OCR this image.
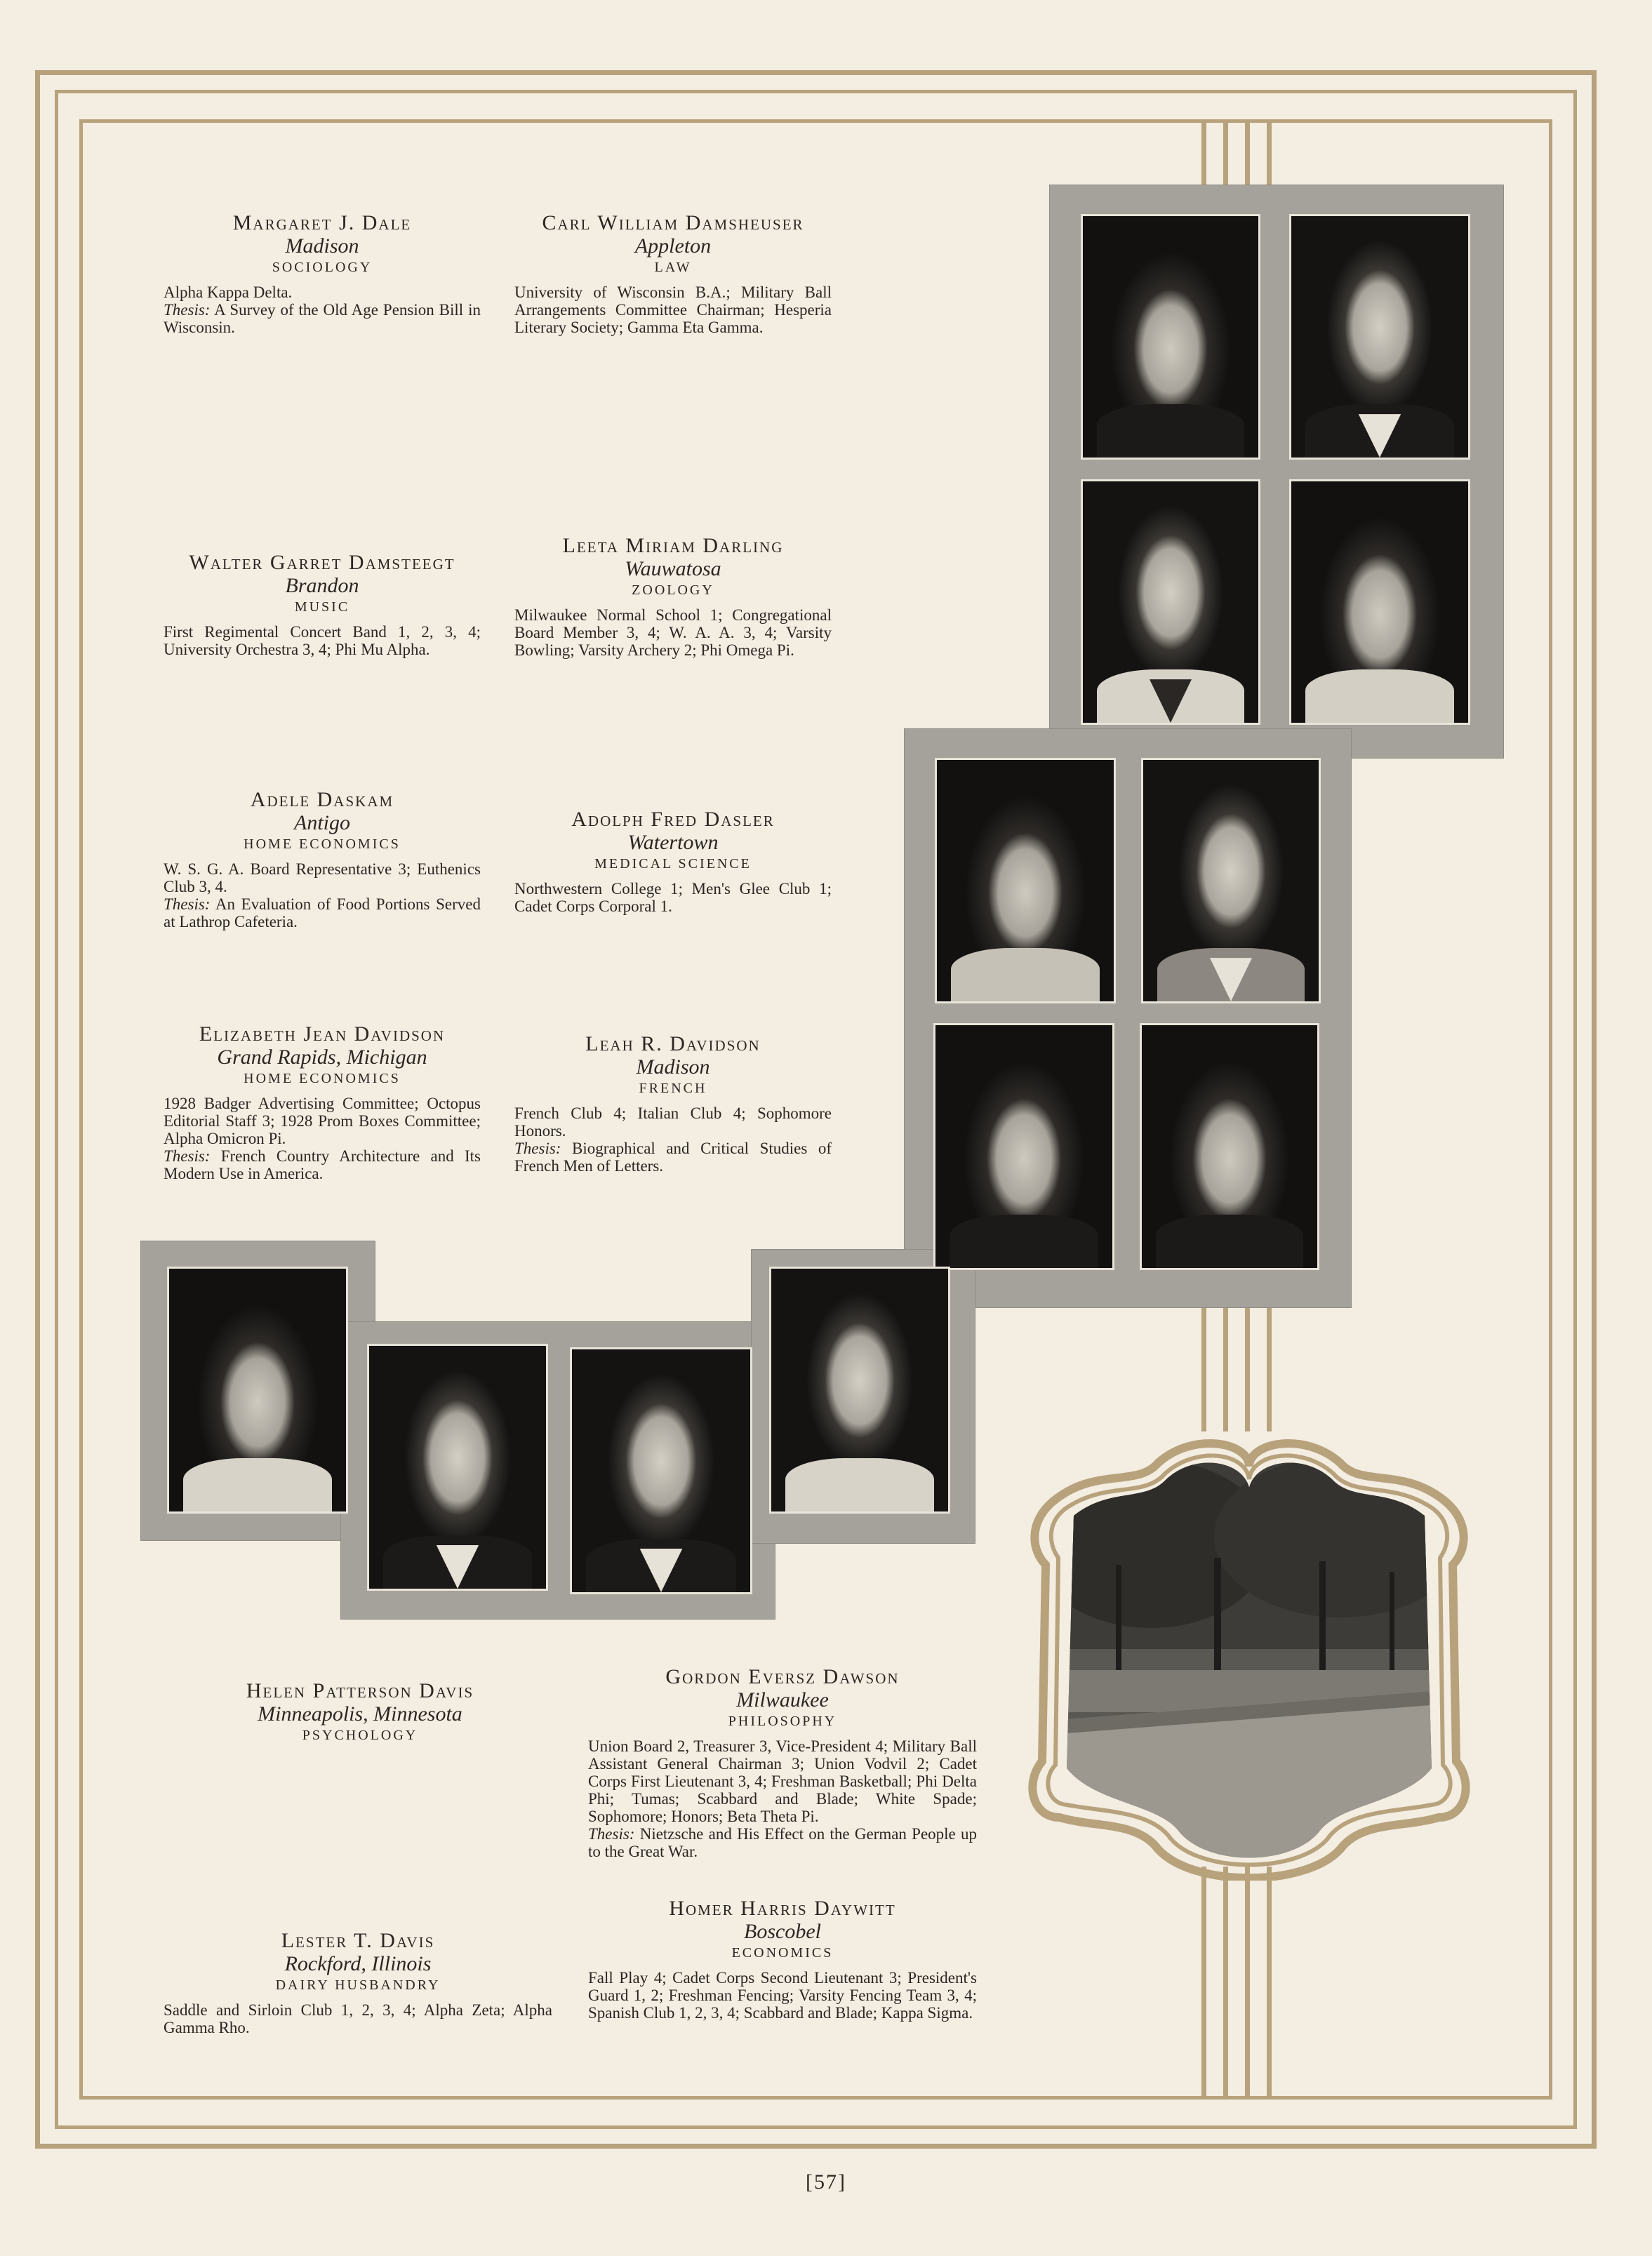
Margaret J. Dale
Madison
SOCIOLOGY
Alpha Kappa Delta.
Thesis: A Survey of the Old Age Pension Bill in Wisconsin.
Carl William Damsheuser
Appleton
LAW
University of Wisconsin B.A.; Military Ball Arrangements Committee Chairman; Hesperia Literary Society; Gamma Eta Gamma.
Walter Garret Damsteegt
Brandon
MUSIC
First Regimental Concert Band 1, 2, 3, 4; University Orchestra 3, 4; Phi Mu Alpha.
Leeta Miriam Darling
Wauwatosa
ZOOLOGY
Milwaukee Normal School 1; Congregational Board Member 3, 4; W. A. A. 3, 4; Varsity Bowling; Varsity Archery 2; Phi Omega Pi.
Adele Daskam
Antigo
HOME ECONOMICS
W. S. G. A. Board Representative 3; Euthenics Club 3, 4.
Thesis: An Evaluation of Food Portions Served at Lathrop Cafeteria.
Adolph Fred Dasler
Watertown
MEDICAL SCIENCE
Northwestern College 1; Men's Glee Club 1; Cadet Corps Corporal 1.
Elizabeth Jean Davidson
Grand Rapids, Michigan
HOME ECONOMICS
1928 Badger Advertising Committee; Octopus Editorial Staff 3; 1928 Prom Boxes Committee; Alpha Omicron Pi.
Thesis: French Country Architecture and Its Modern Use in America.
Leah R. Davidson
Madison
FRENCH
French Club 4; Italian Club 4; Sophomore Honors.
Thesis: Biographical and Critical Studies of French Men of Letters.
Helen Patterson Davis
Minneapolis, Minnesota
PSYCHOLOGY
Gordon Eversz Dawson
Milwaukee
PHILOSOPHY
Union Board 2, Treasurer 3, Vice-President 4; Military Ball Assistant General Chairman 3; Union Vodvil 2; Cadet Corps First Lieutenant 3, 4; Freshman Basketball; Phi Delta Phi; Tumas; Scabbard and Blade; White Spade; Sophomore; Honors; Beta Theta Pi.
Thesis: Nietzsche and His Effect on the German People up to the Great War.
Lester T. Davis
Rockford, Illinois
DAIRY HUSBANDRY
Saddle and Sirloin Club 1, 2, 3, 4; Alpha Zeta; Alpha Gamma Rho.
Homer Harris Daywitt
Boscobel
ECONOMICS
Fall Play 4; Cadet Corps Second Lieutenant 3; President's Guard 1, 2; Freshman Fencing; Varsity Fencing Team 3, 4; Spanish Club 1, 2, 3, 4; Scabbard and Blade; Kappa Sigma.
[57]
